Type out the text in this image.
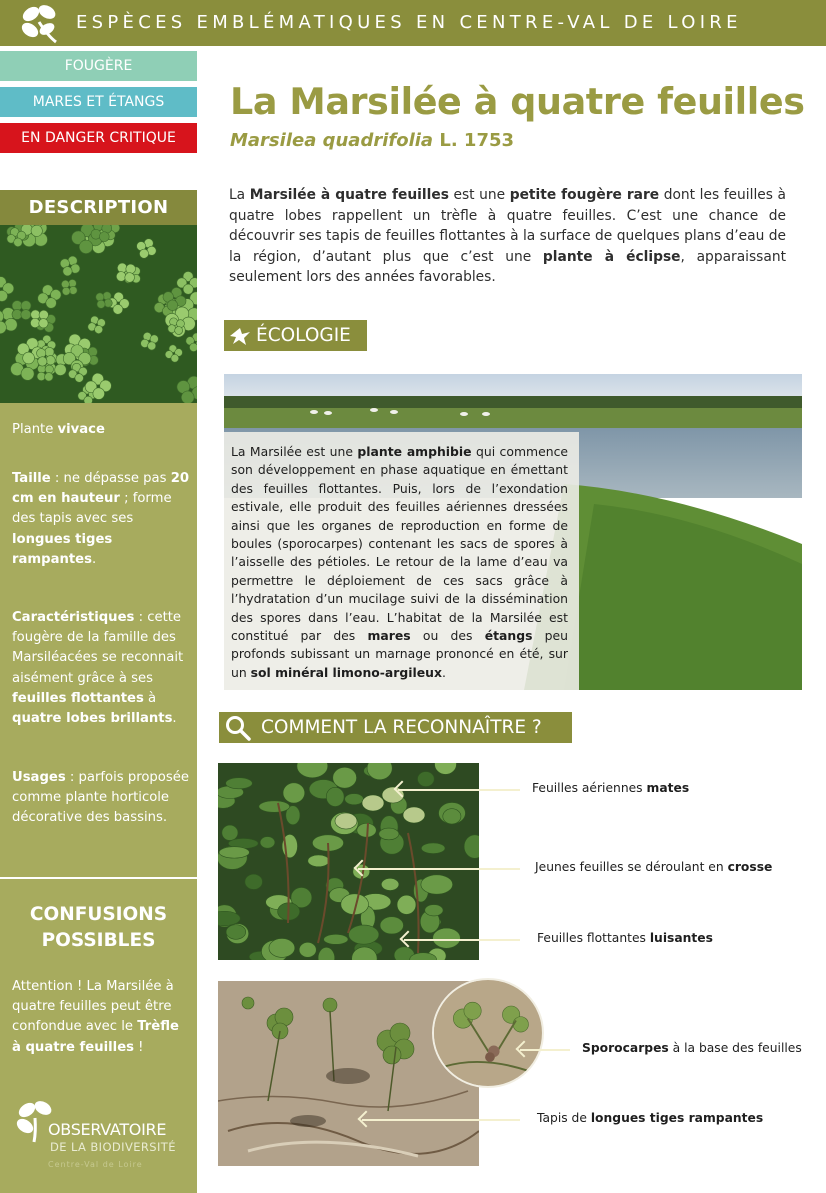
ESPÈCES EMBLÉMATIQUES EN CENTRE-VAL DE LOIRE
FOUGÈRE
MARES ET ÉTANGS
EN DANGER CRITIQUE
La Marsilée à quatre feuilles
Marsilea quadrifolia L. 1753
La Marsilée à quatre feuilles est une petite fougère rare dont les feuilles à quatre lobes rappellent un trèfle à quatre feuilles. C’est une chance de découvrir ses tapis de feuilles flottantes à la surface de quelques plans d’eau de la région, d’autant plus que c’est une plante à éclipse, apparaissant seulement lors des années favorables.
DESCRIPTION
Plante vivace
Taille : ne dépasse pas 20 cm en hauteur ; forme des tapis avec ses longues tiges rampantes.
Caractéristiques : cette fougère de la famille des Marsiléacées se reconnait aisément grâce à ses feuilles flottantes à quatre lobes brillants.
Usages : parfois proposée comme plante horticole décorative des bassins.
CONFUSIONS
POSSIBLES
Attention ! La Marsilée à quatre feuilles peut être confondue avec le Trèfle à quatre feuilles !
OBSERVATOIRE
DE LA BIODIVERSITÉ
Centre-Val de Loire
ÉCOLOGIE
La Marsilée est une plante amphibie qui commence son développement en phase aquatique en émettant des feuilles flottantes. Puis, lors de l’exondation estivale, elle produit des feuilles aériennes dressées ainsi que les organes de reproduction en forme de boules (sporocarpes) contenant les sacs de spores à l’aisselle des pétioles. Le retour de la lame d’eau va permettre le déploiement de ces sacs grâce à l’hydratation d’un mucilage suivi de la dissémination des spores dans l’eau. L’habitat de la Marsilée est constitué par des mares ou des étangs peu profonds subissant un marnage prononcé en été, sur un sol minéral limono-argileux.
COMMENT LA RECONNAÎTRE ?
Feuilles aériennes mates
Jeunes feuilles se déroulant en crosse
Feuilles flottantes luisantes
Sporocarpes à la base des feuilles
Tapis de longues tiges rampantes
